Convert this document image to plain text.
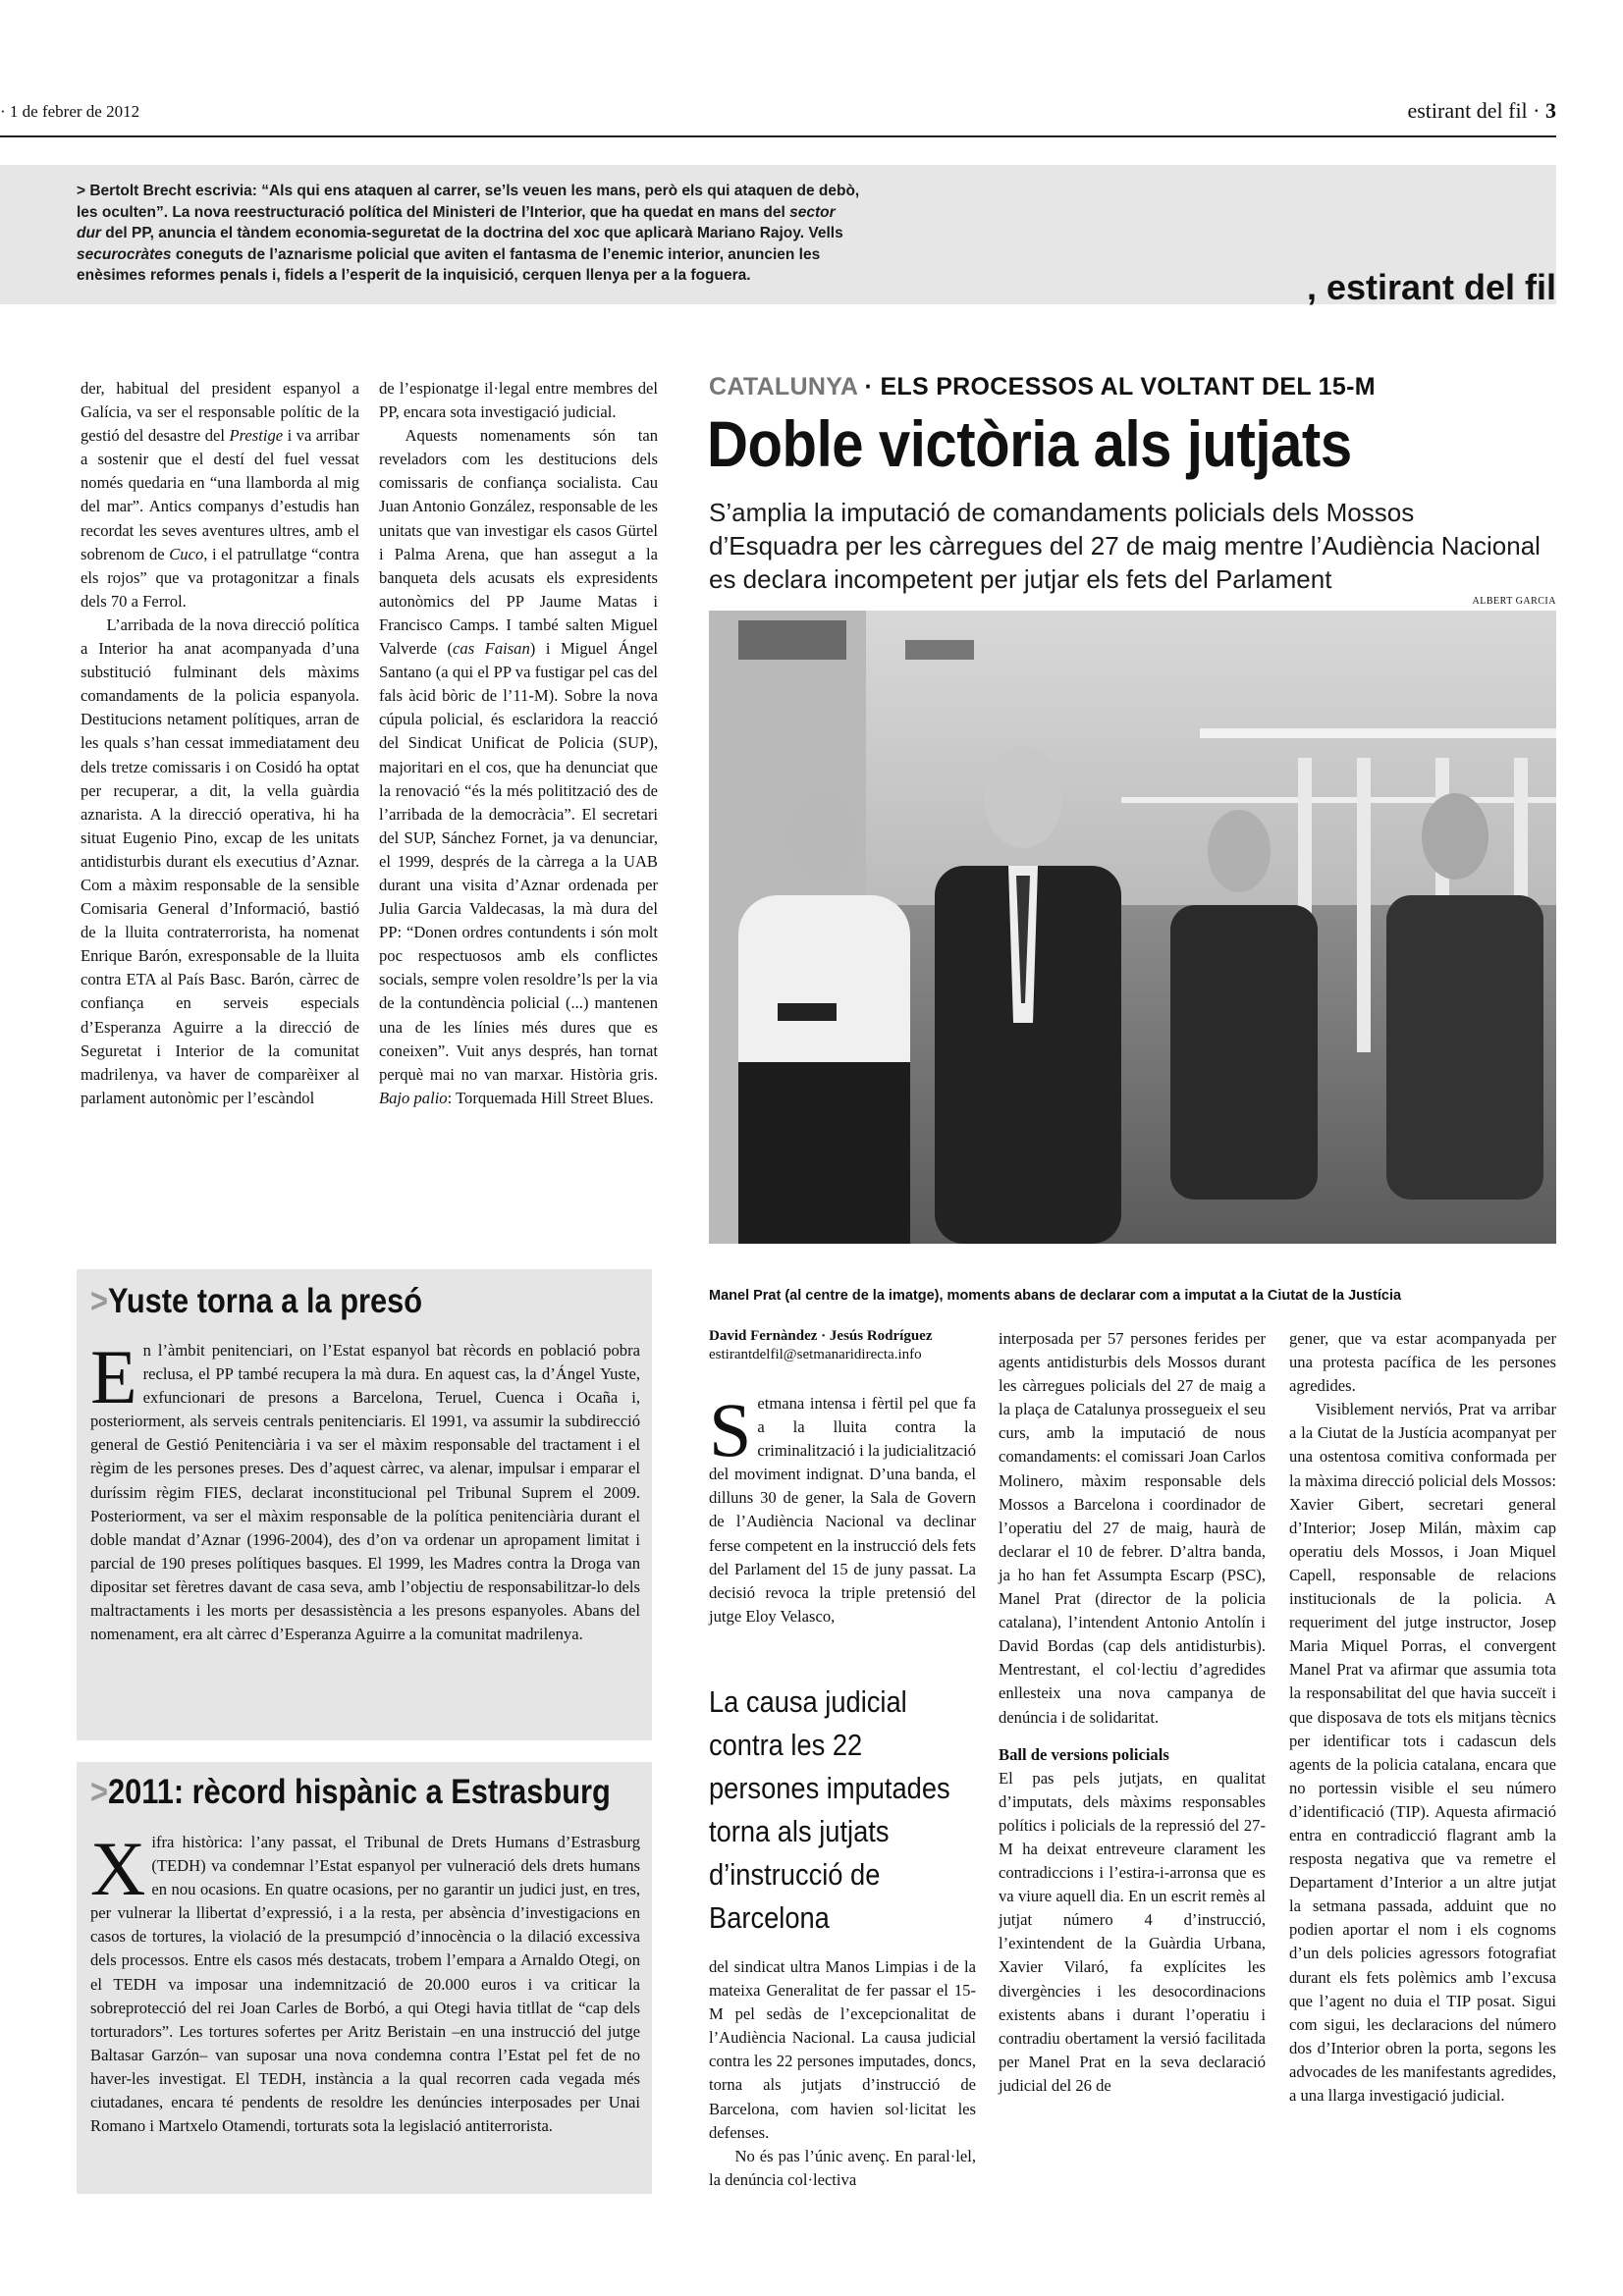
· 1 de febrer de 2012	estirant del fil · 3
> Bertolt Brecht escrivia: “Als qui ens ataquen al carrer, se’ls veuen les mans, però els qui ataquen de debò, les oculten”. La nova reestructuració política del Ministeri de l’Interior, que ha quedat en mans del sector dur del PP, anuncia el tàndem economia-seguretat de la doctrina del xoc que aplicarà Mariano Rajoy. Vells securocràtes coneguts de l’aznarisme policial que aviten el fantasma de l’enemic interior, anuncien les enèsimes reformes penals i, fidels a l’esperit de la inquisició, cerquen llenya per a la foguera.	, estirant del fil

der, habitual del president espanyol a Galícia, va ser el responsable polític de la gestió del desastre del Prestige i va arribar a sostenir que el destí del fuel vessat només quedaria en “una llamborda al mig del mar”. Antics companys d’estudis han recordat les seves aventures ultres, amb el sobrenom de Cuco, i el patrullatge “contra els rojos” que va protagonitzar a finals dels 70 a Ferrol.

L’arribada de la nova direcció política a Interior ha anat acompanyada d’una substitució fulminant dels màxims comandaments de la policia espanyola. Destitucions netament polítiques, arran de les quals s’han cessat immediatament deu dels tretze comissaris i on Cosidó ha optat per recuperar, a dit, la vella guàrdia aznarista. A la direcció operativa, hi ha situat Eugenio Pino, excap de les unitats antidisturbis durant els executius d’Aznar. Com a màxim responsable de la sensible Comisaria General d’Informació, bastió de la lluita contraterrorista, ha nomenat Enrique Barón, exresponsable de la lluita contra ETA al País Basc. Barón, càrrec de confiança en serveis especials d’Esperanza Aguirre a la direcció de Seguretat i Interior de la comunitat madrilenya, va haver de comparèixer al parlament autonòmic per l’escàndol

de l’espionatge il·legal entre membres del PP, encara sota investigació judicial.

Aquests nomenaments són tan reveladors com les destitucions dels comissaris de confiança socialista. Cau Juan Antonio González, responsable de les unitats que van investigar els casos Gürtel i Palma Arena, que han assegut a la banqueta dels acusats els expresidents autonòmics del PP Jaume Matas i Francisco Camps. I també salten Miguel Valverde (cas Faisan) i Miguel Ángel Santano (a qui el PP va fustigar pel cas del fals àcid bòric de l’11-M). Sobre la nova cúpula policial, és esclaridora la reacció del Sindicat Unificat de Policia (SUP), majoritari en el cos, que ha denunciat que la renovació “és la més politització des de l’arribada de la democràcia”. El secretari del SUP, Sánchez Fornet, ja va denunciar, el 1999, després de la càrrega a la UAB durant una visita d’Aznar ordenada per Julia Garcia Valdecasas, la mà dura del PP: “Donen ordres contundents i són molt poc respectuosos amb els conflictes socials, sempre volen resoldre’ls per la via de la contundència policial (...) mantenen una de les línies més dures que es coneixen”. Vuit anys després, han tornat perquè mai no van marxar. Història gris. Bajo palio: Torquemada Hill Street Blues.

CATALUNYA · ELS PROCESSOS AL VOLTANT DEL 15-M
Doble victòria als jutjats
S’amplia la imputació de comandaments policials dels Mossos d’Esquadra per les càrregues del 27 de maig mentre l’Audiència Nacional es declara incompetent per jutjar els fets del Parlament
ALBERT GARCIA
Manel Prat (al centre de la imatge), moments abans de declarar com a imputat a la Ciutat de la Justícia
>Yuste torna a la presó
En l’àmbit penitenciari, on l’Estat espanyol bat rècords en població pobra reclusa, el PP també recupera la mà dura. En aquest cas, la d’Ángel Yuste, exfuncionari de presons a Barcelona, Teruel, Cuenca i Ocaña i, posteriorment, als serveis centrals penitenciaris. El 1991, va assumir la subdirecció general de Gestió Penitenciària i va ser el màxim responsable del tractament i el règim de les persones preses. Des d’aquest càrrec, va alenar, impulsar i emparar el duríssim règim FIES, declarat inconstitucional pel Tribunal Suprem el 2009. Posteriorment, va ser el màxim responsable de la política penitenciària durant el doble mandat d’Aznar (1996-2004), des d’on va ordenar un apropament limitat i parcial de 190 preses polítiques basques. El 1999, les Madres contra la Droga van dipositar set fèretres davant de casa seva, amb l’objectiu de responsabilitzar-lo dels maltractaments i les morts per desassistència a les presons espanyoles. Abans del nomenament, era alt càrrec d’Esperanza Aguirre a la comunitat madrilenya.
>2011: rècord hispànic a Estrasburg
Xifra històrica: l’any passat, el Tribunal de Drets Humans d’Estrasburg (TEDH) va condemnar l’Estat espanyol per vulneració dels drets humans en nou ocasions. En quatre ocasions, per no garantir un judici just, en tres, per vulnerar la llibertat d’expressió, i a la resta, per absència d’investigacions en casos de tortures, la violació de la presumpció d’innocència o la dilació excessiva dels processos. Entre els casos més destacats, trobem l’empara a Arnaldo Otegi, on el TEDH va imposar una indemnització de 20.000 euros i va criticar la sobreprotecció del rei Joan Carles de Borbó, a qui Otegi havia titllat de “cap dels torturadors”. Les tortures sofertes per Aritz Beristain –en una instrucció del jutge Baltasar Garzón– van suposar una nova condemna contra l’Estat pel fet de no haver-les investigat. El TEDH, instància a la qual recorren cada vegada més ciutadanes, encara té pendents de resoldre les denúncies interposades per Unai Romano i Martxelo Otamendi, torturats sota la legislació antiterrorista.
David Fernàndez · Jesús Rodríguez
estirantdelfil@setmanaridirecta.info
Setmana intensa i fèrtil pel que fa a la lluita contra la criminalització i la judicialització del moviment indignat. D’una banda, el dilluns 30 de gener, la Sala de Govern de l’Audiència Nacional va declinar ferse competent en la instrucció dels fets del Parlament del 15 de juny passat. La decisió revoca la triple pretensió del jutge Eloy Velasco,
La causa judicial contra les 22 persones imputades torna als jutjats d’instrucció de Barcelona

del sindicat ultra Manos Limpias i de la mateixa Generalitat de fer passar el 15-M pel sedàs de l’excepcionalitat de l’Audiència Nacional. La causa judicial contra les 22 persones imputades, doncs, torna als jutjats d’instrucció de Barcelona, com havien sol·licitat les defenses.

No és pas l’únic avenç. En paral·lel, la denúncia col·lectiva

interposada per 57 persones ferides per agents antidisturbis dels Mossos durant les càrregues policials del 27 de maig a la plaça de Catalunya prossegueix el seu curs, amb la imputació de nous comandaments: el comissari Joan Carlos Molinero, màxim responsable dels Mossos a Barcelona i coordinador de l’operatiu del 27 de maig, haurà de declarar el 10 de febrer. D’altra banda, ja ho han fet Assumpta Escarp (PSC), Manel Prat (director de la policia catalana), l’intendent Antonio Antolín i David Bordas (cap dels antidisturbis). Mentrestant, el col·lectiu d’agredides enllesteix una nova campanya de denúncia i de solidaritat.

Ball de versions policials

El pas pels jutjats, en qualitat d’imputats, dels màxims responsables polítics i policials de la repressió del 27-M ha deixat entreveure clarament les contradiccions i l’estira-i-arronsa que es va viure aquell dia. En un escrit remès al jutjat número 4 d’instrucció, l’exintendent de la Guàrdia Urbana, Xavier Vilaró, fa explícites les divergències i les desocordinacions existents abans i durant l’operatiu i contradiu obertament la versió facilitada per Manel Prat en la seva declaració judicial del 26 de

gener, que va estar acompanyada per una protesta pacífica de les persones agredides.

Visiblement nerviós, Prat va arribar a la Ciutat de la Justícia acompanyat per una ostentosa comitiva conformada per la màxima direcció policial dels Mossos: Xavier Gibert, secretari general d’Interior; Josep Milán, màxim cap operatiu dels Mossos, i Joan Miquel Capell, responsable de relacions institucionals de la policia. A requeriment del jutge instructor, Josep Maria Miquel Porras, el convergent Manel Prat va afirmar que assumia tota la responsabilitat del que havia succeït i que disposava de tots els mitjans tècnics per identificar tots i cadascun dels agents de la policia catalana, encara que no portessin visible el seu número d’identificació (TIP). Aquesta afirmació entra en contradicció flagrant amb la resposta negativa que va remetre el Departament d’Interior a un altre jutjat la setmana passada, adduint que no podien aportar el nom i els cognoms d’un dels policies agressors fotografiat durant els fets polèmics amb l’excusa que l’agent no duia el TIP posat. Sigui com sigui, les declaracions del número dos d’Interior obren la porta, segons les advocades de les manifestants agredides, a una llarga investigació judicial.
